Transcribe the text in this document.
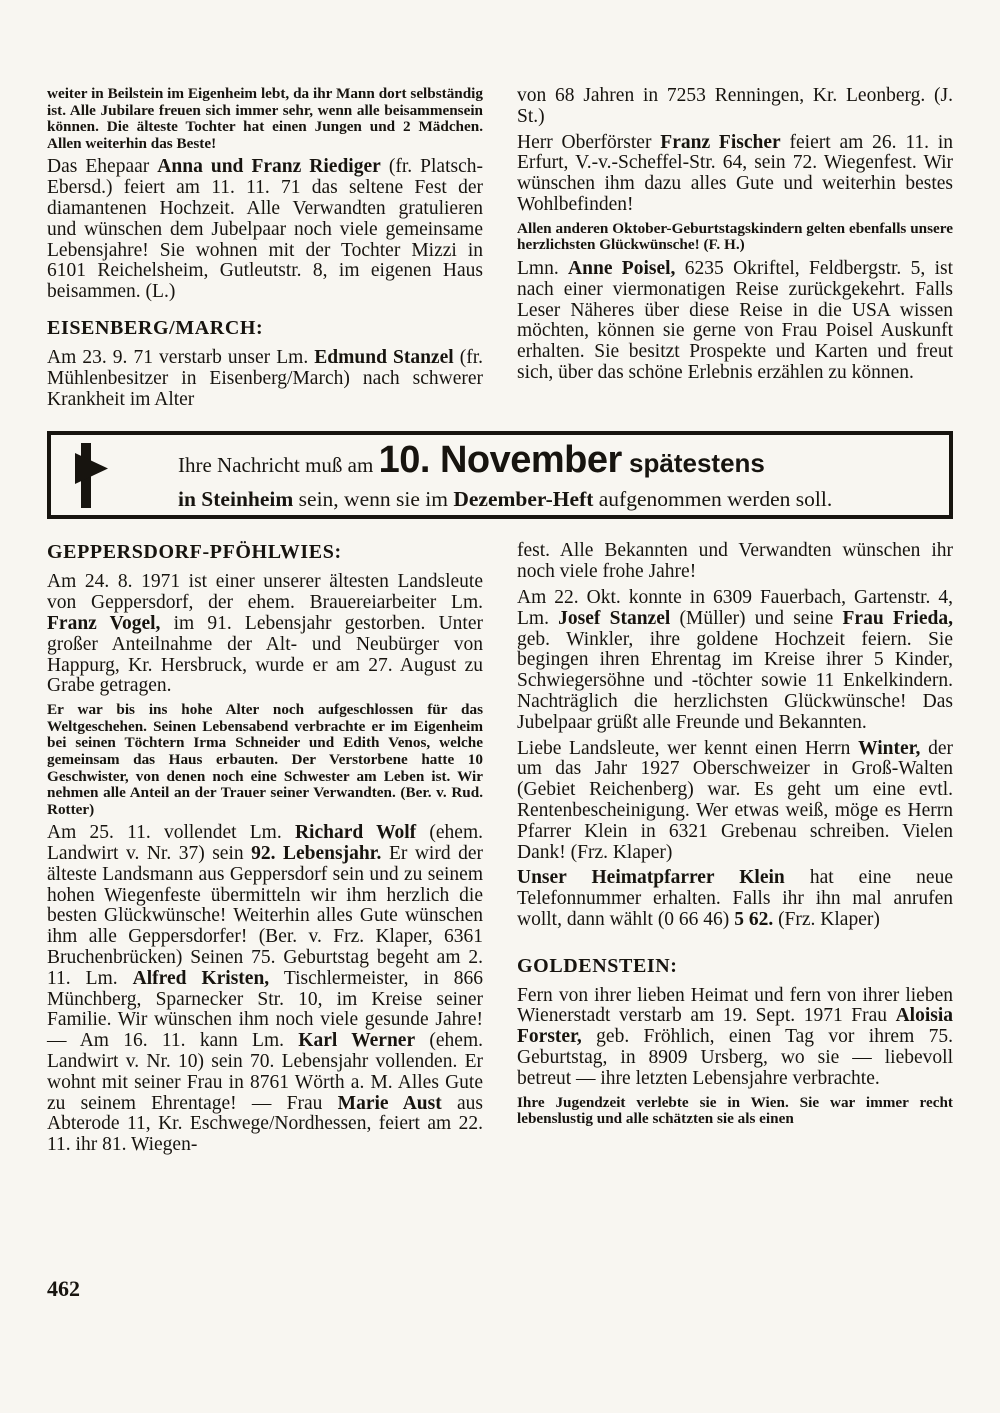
weiter in Beilstein im Eigenheim lebt, da ihr Mann dort selbständig ist. Alle Jubilare freuen sich immer sehr, wenn alle beisammensein können. Die älteste Tochter hat einen Jungen und 2 Mädchen. Allen weiterhin das Beste!

Das Ehepaar Anna und Franz Riediger (fr. Platsch-Ebersd.) feiert am 11. 11. 71 das seltene Fest der diamantenen Hochzeit. Alle Verwandten gratulieren und wünschen dem Jubelpaar noch viele gemeinsame Lebensjahre! Sie wohnen mit der Tochter Mizzi in 6101 Reichelsheim, Gutleutstr. 8, im eigenen Haus beisammen. (L.)

EISENBERG/MARCH:

Am 23. 9. 71 verstarb unser Lm. Edmund Stanzel (fr. Mühlenbesitzer in Eisenberg/March) nach schwerer Krankheit im Alter

von 68 Jahren in 7253 Renningen, Kr. Leonberg. (J. St.)

Herr Oberförster Franz Fischer feiert am 26. 11. in Erfurt, V.-v.-Scheffel-Str. 64, sein 72. Wiegenfest. Wir wünschen ihm dazu alles Gute und weiterhin bestes Wohlbefinden!

Allen anderen Oktober-Geburtstagskindern gelten ebenfalls unsere herzlichsten Glückwünsche! (F. H.)

Lmn. Anne Poisel, 6235 Okriftel, Feldbergstr. 5, ist nach einer viermonatigen Reise zurückgekehrt. Falls Leser Näheres über diese Reise in die USA wissen möchten, können sie gerne von Frau Poisel Auskunft erhalten. Sie besitzt Prospekte und Karten und freut sich, über das schöne Erlebnis erzählen zu können.

Ihre Nachricht muß am 10. November spätestens
in Steinheim sein, wenn sie im Dezember-Heft aufgenommen werden soll.
GEPPERSDORF-PFÖHLWIES:

Am 24. 8. 1971 ist einer unserer ältesten Landsleute von Geppersdorf, der ehem. Brauereiarbeiter Lm. Franz Vogel, im 91. Lebensjahr gestorben. Unter großer Anteilnahme der Alt- und Neubürger von Happurg, Kr. Hersbruck, wurde er am 27. August zu Grabe getragen.

Er war bis ins hohe Alter noch aufgeschlossen für das Weltgeschehen. Seinen Lebensabend verbrachte er im Eigenheim bei seinen Töchtern Irma Schneider und Edith Venos, welche gemeinsam das Haus erbauten. Der Verstorbene hatte 10 Geschwister, von denen noch eine Schwester am Leben ist. Wir nehmen alle Anteil an der Trauer seiner Verwandten. (Ber. v. Rud. Rotter)

Am 25. 11. vollendet Lm. Richard Wolf (ehem. Landwirt v. Nr. 37) sein 92. Lebensjahr. Er wird der älteste Landsmann aus Geppersdorf sein und zu seinem hohen Wiegenfeste übermitteln wir ihm herzlich die besten Glückwünsche! Weiterhin alles Gute wünschen ihm alle Geppersdorfer! (Ber. v. Frz. Klaper, 6361 Bruchenbrücken) Seinen 75. Geburtstag begeht am 2. 11. Lm. Alfred Kristen, Tischlermeister, in 866 Münchberg, Sparnecker Str. 10, im Kreise seiner Familie. Wir wünschen ihm noch viele gesunde Jahre! — Am 16. 11. kann Lm. Karl Werner (ehem. Landwirt v. Nr. 10) sein 70. Lebensjahr vollenden. Er wohnt mit seiner Frau in 8761 Wörth a. M. Alles Gute zu seinem Ehrentage! — Frau Marie Aust aus Abterode 11, Kr. Eschwege/Nordhessen, feiert am 22. 11. ihr 81. Wiegen-

fest. Alle Bekannten und Verwandten wünschen ihr noch viele frohe Jahre!

Am 22. Okt. konnte in 6309 Fauerbach, Gartenstr. 4, Lm. Josef Stanzel (Müller) und seine Frau Frieda, geb. Winkler, ihre goldene Hochzeit feiern. Sie begingen ihren Ehrentag im Kreise ihrer 5 Kinder, Schwiegersöhne und -töchter sowie 11 Enkelkindern. Nachträglich die herzlichsten Glückwünsche! Das Jubelpaar grüßt alle Freunde und Bekannten.

Liebe Landsleute, wer kennt einen Herrn Winter, der um das Jahr 1927 Oberschweizer in Groß-Walten (Gebiet Reichenberg) war. Es geht um eine evtl. Rentenbescheinigung. Wer etwas weiß, möge es Herrn Pfarrer Klein in 6321 Grebenau schreiben. Vielen Dank! (Frz. Klaper)

Unser Heimatpfarrer Klein hat eine neue Telefonnummer erhalten. Falls ihr ihn mal anrufen wollt, dann wählt (0 66 46) 5 62. (Frz. Klaper)

GOLDENSTEIN:

Fern von ihrer lieben Heimat und fern von ihrer lieben Wienerstadt verstarb am 19. Sept. 1971 Frau Aloisia Forster, geb. Fröhlich, einen Tag vor ihrem 75. Geburtstag, in 8909 Ursberg, wo sie — liebevoll betreut — ihre letzten Lebensjahre verbrachte.

Ihre Jugendzeit verlebte sie in Wien. Sie war immer recht lebenslustig und alle schätzten sie als einen

462
